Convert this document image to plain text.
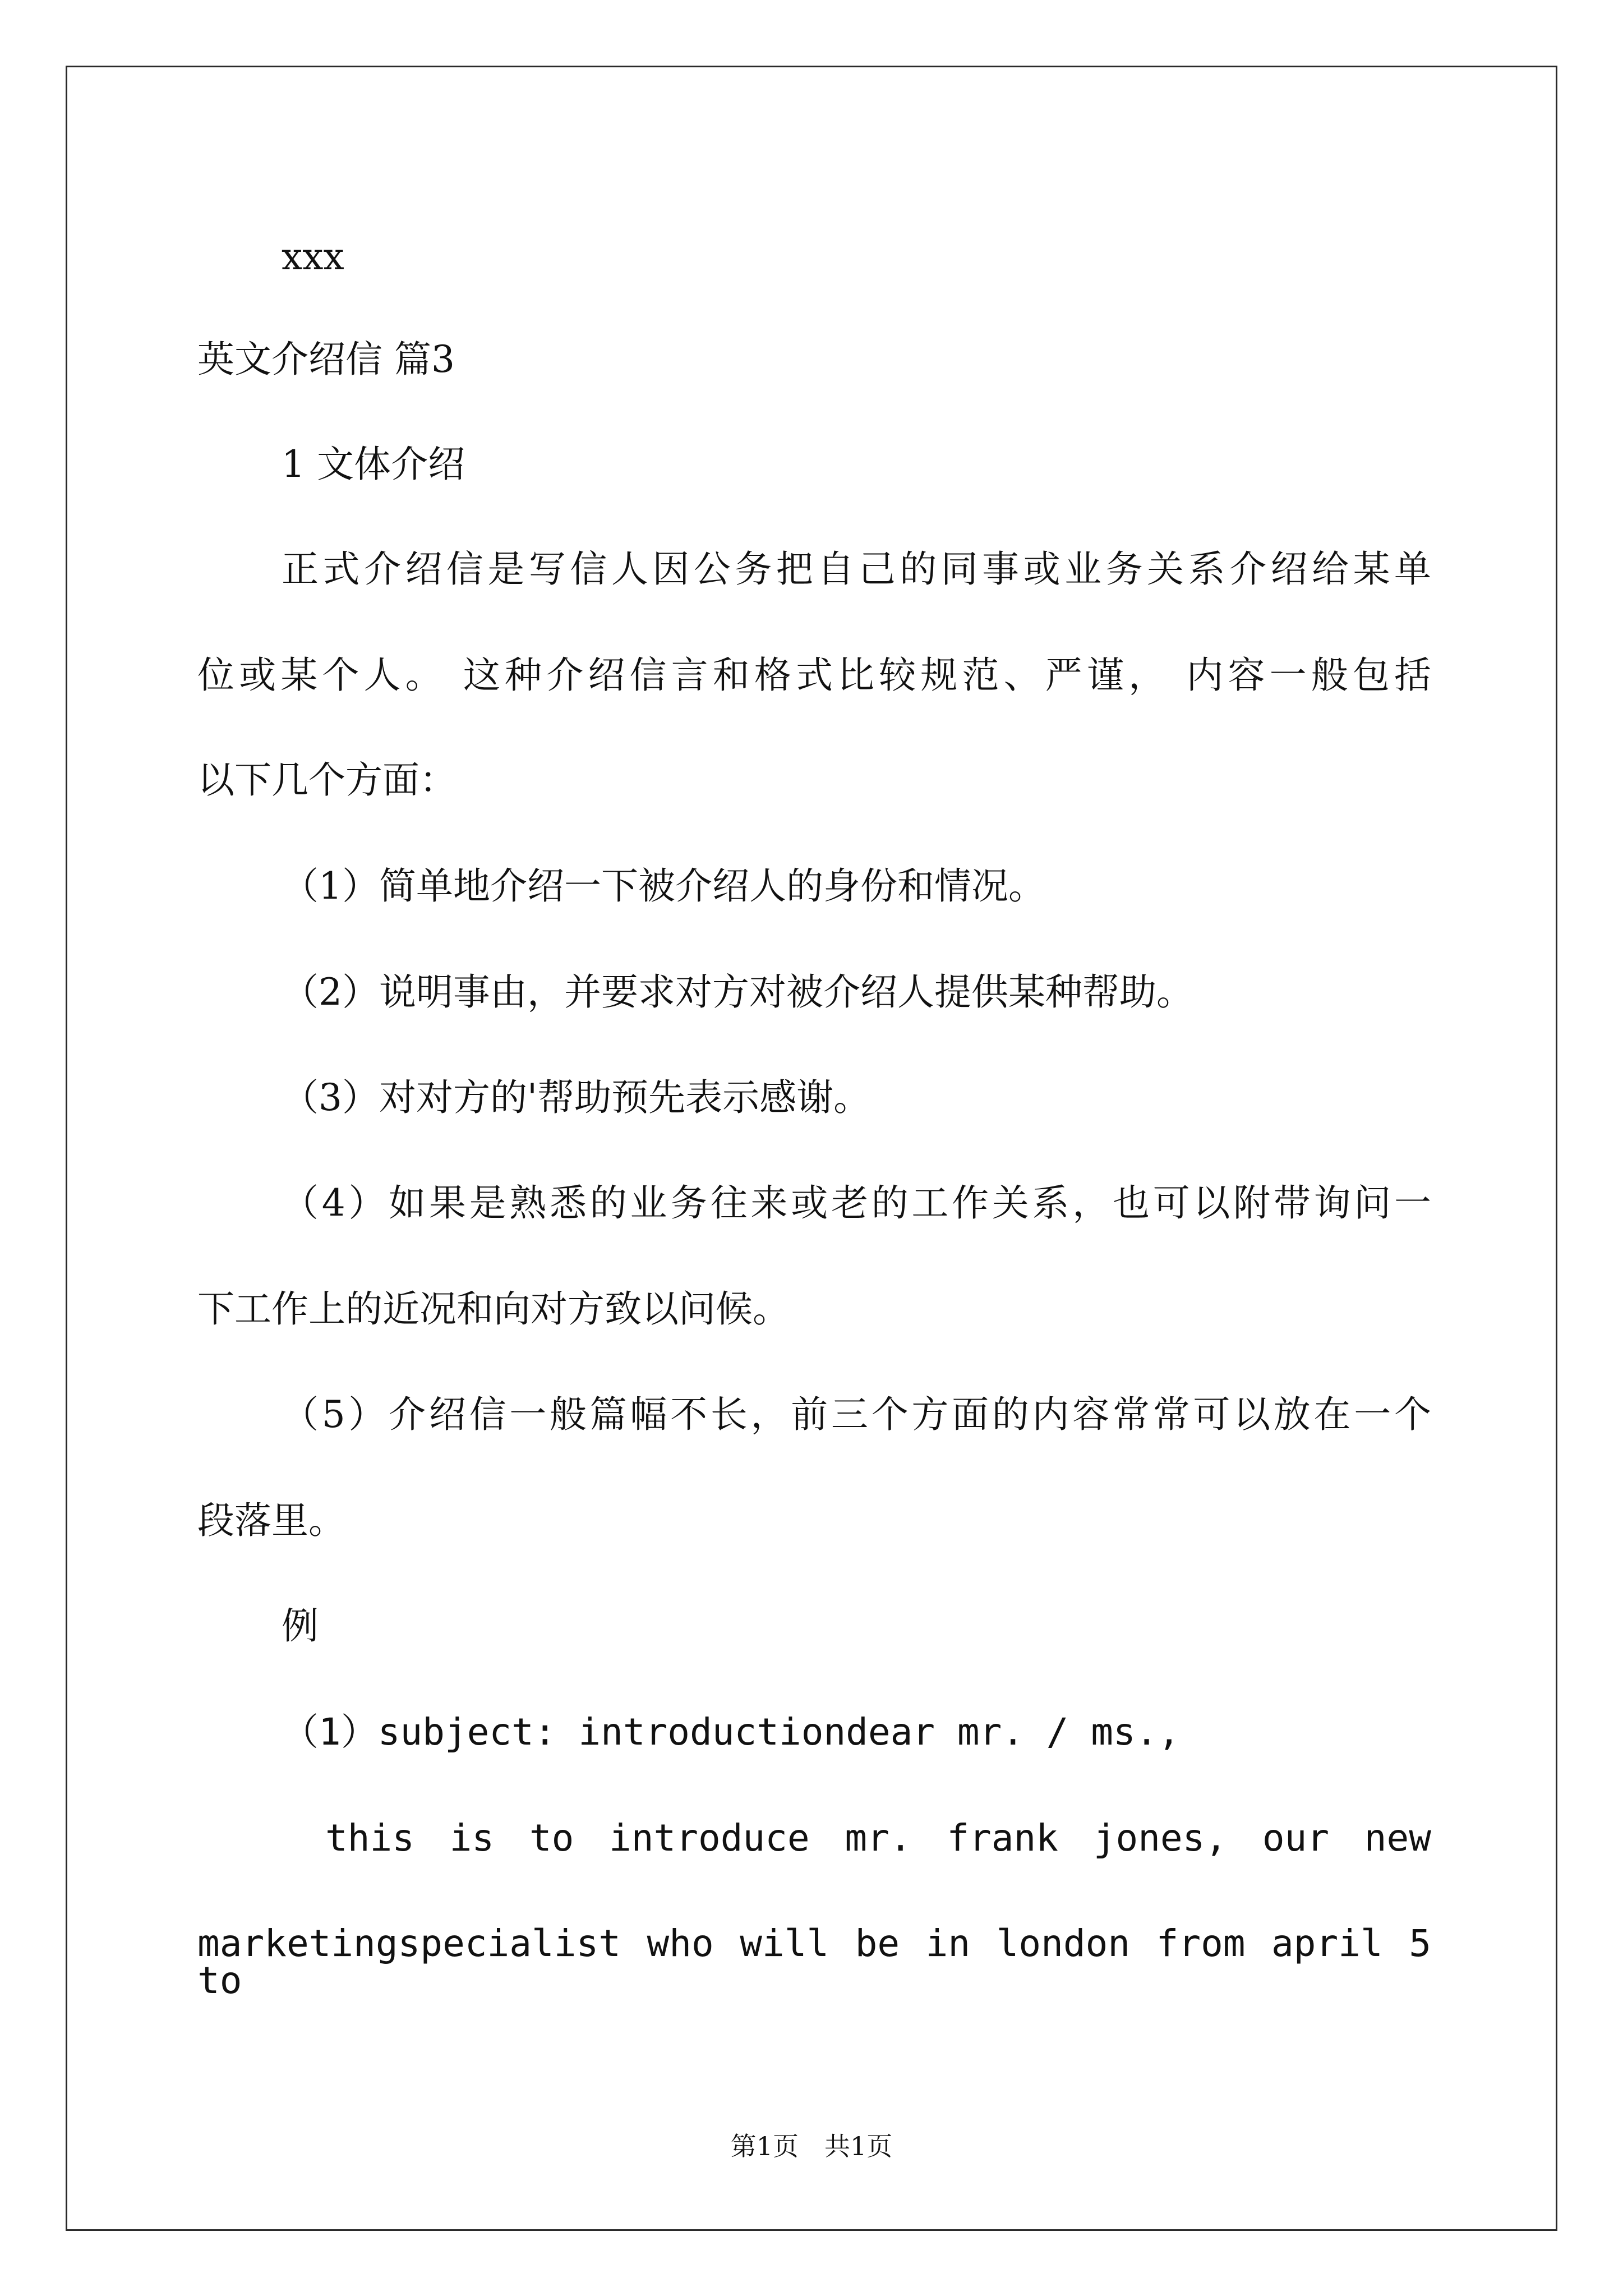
xxx
英文介绍信 篇3
1 文体介绍
正式介绍信是写信人因公务把自己的同事或业务关系介绍给某单
位或某个人。 这种介绍信言和格式比较规范、严谨， 内容一般包括
以下几个方面：
（1）简单地介绍一下被介绍人的身份和情况。
（2）说明事由，并要求对方对被介绍人提供某种帮助。
（3）对对方的'帮助预先表示感谢。
（4）如果是熟悉的业务往来或老的工作关系，也可以附带询问一
下工作上的近况和向对方致以问候。
（5）介绍信一般篇幅不长，前三个方面的内容常常可以放在一个
段落里。
例
（1）subject: introductiondear mr. / ms.,
this is to introduce mr. frank jones, our new
marketingspecialist who will be in london from april 5 to
第1页　共1页
